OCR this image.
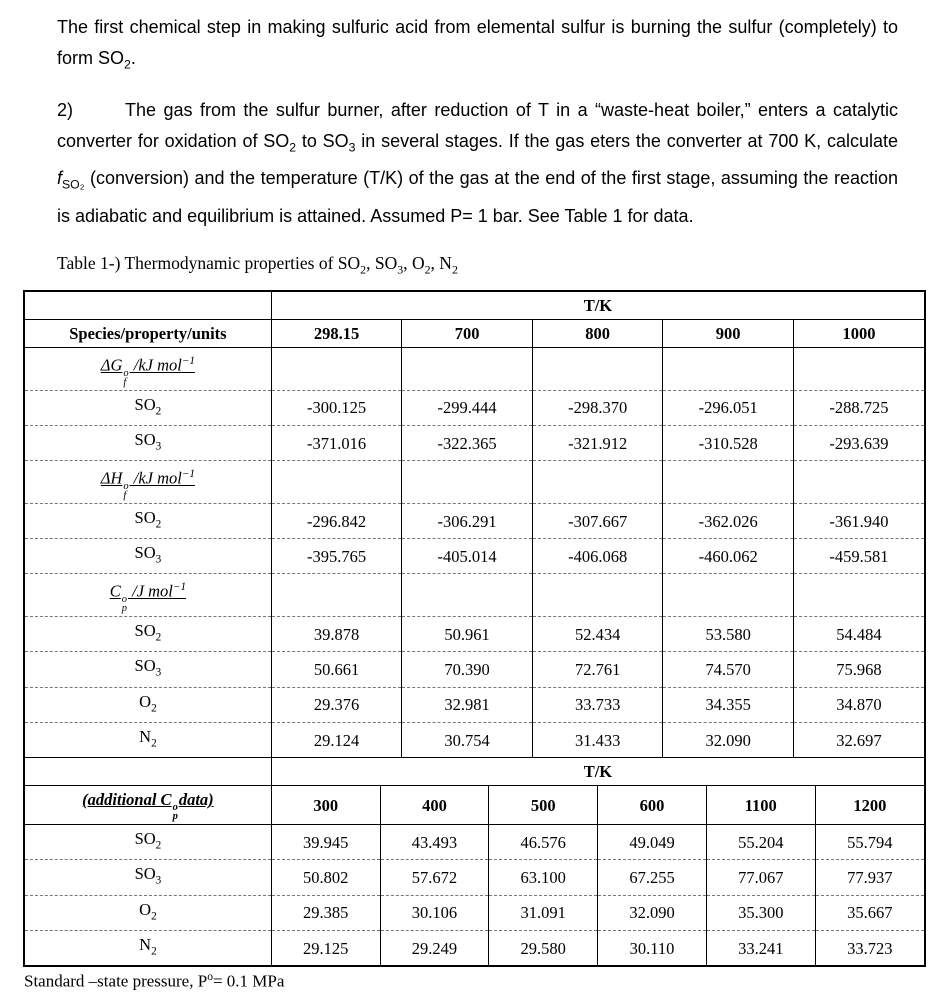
The first chemical step in making sulfuric acid from elemental sulfur is burning the sulfur (completely) to form $SO_2$.

2)	The gas from the sulfur burner, after reduction of T in a “waste-heat boiler,” enters a catalytic converter for oxidation of $SO_2$ to $SO_3$ in several stages. If the gas eters the converter at 700 K, calculate $f_{SO_2}$ (conversion) and the temperature (T/K) of the gas at the end of the first stage, assuming the reaction is adiabatic and equilibrium is attained. Assumed P= 1 bar. See Table 1 for data.

Table 1-) Thermodynamic properties of $SO_2$, $SO_3$, $O_2$, $N_2$
	T/K				
Species/property/units	298.15	700	800	900	1000
ΔG o
f
/kJ mol$^{-1}$					
$SO_2$	-300.125	-299.444	-298.370	-296.051	-288.725
$SO_3$	-371.016	-322.365	-321.912	-310.528	-293.639
ΔH o
f
/kJ mol$^{-1}$					
$SO_2$	-296.842	-306.291	-307.667	-362.026	-361.940
$SO_3$	-395.765	-405.014	-406.068	-460.062	-459.581
C o
p
/J mol$^{-1}$					
$SO_2$	39.878	50.961	52.434	53.580	54.484
$SO_3$	50.661	70.390	72.761	74.570	75.968
$O_2$	29.376	32.981	33.733	34.355	34.870
$N_2$	29.124	30.754	31.433	32.090	32.697
	T/K					
(additional C o
p
data)	300	400	500	600	1100	1200
$SO_2$	39.945	43.493	46.576	49.049	55.204	55.794
$SO_3$	50.802	57.672	63.100	67.255	77.067	77.937
$O_2$	29.385	30.106	31.091	32.090	35.300	35.667
$N_2$	29.125	29.249	29.580	30.110	33.241	33.723
Standard –state pressure, $P^o= 0.1$ MPa
